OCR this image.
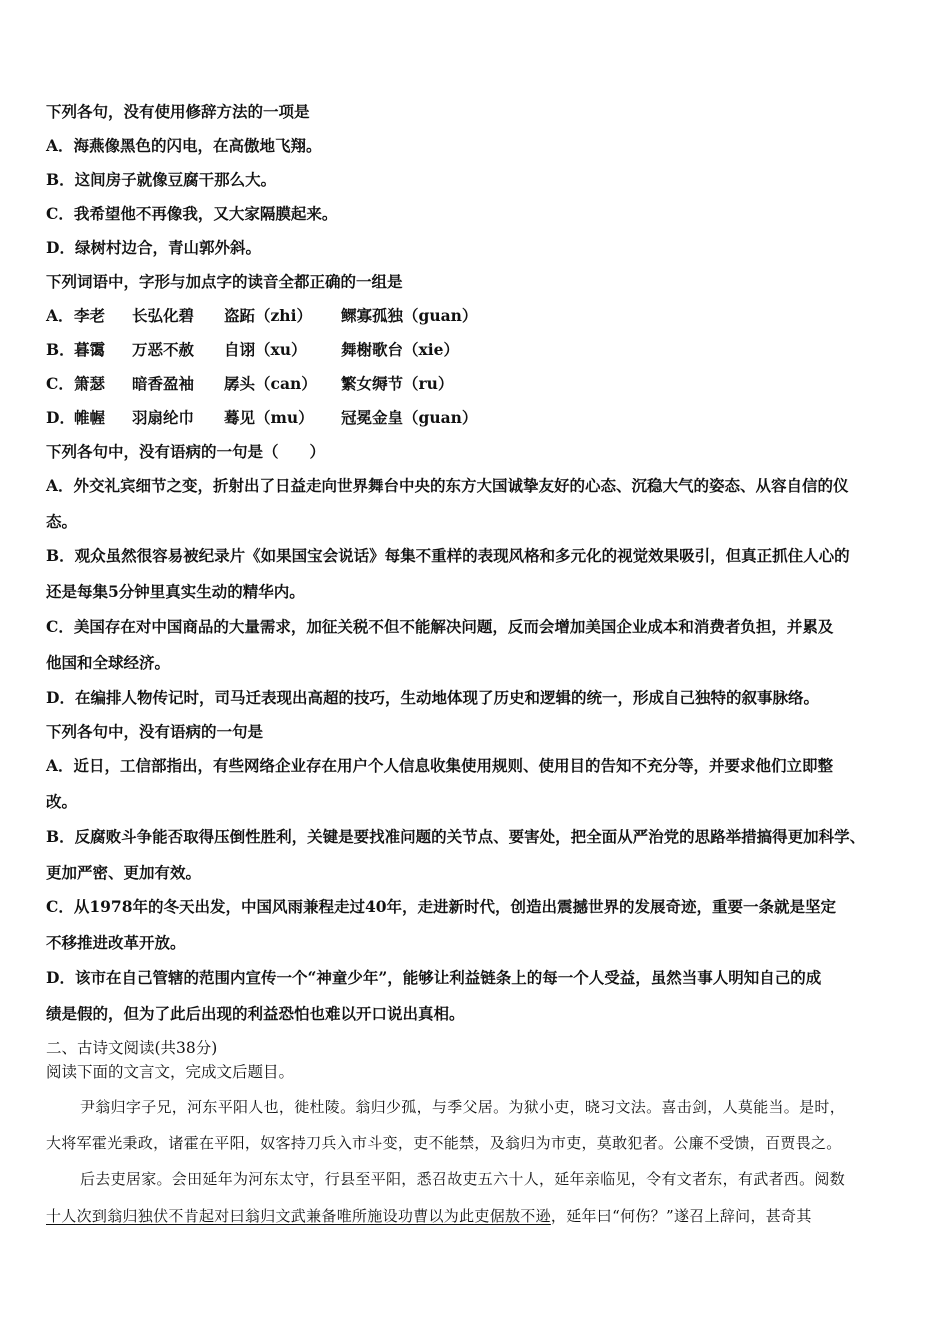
下列各句，没有使用修辞方法的一项是
A．海燕像黑色的闪电，在高傲地飞翔。
B．这间房子就像豆腐干那么大。
C．我希望他不再像我，又大家隔膜起来。
D．绿树村边合，青山郭外斜。
下列词语中，字形与加点字的读音全都正确的一组是
A．李老 长弘化碧 盗跖（zhi） 鳏寡孤独（guan）
B．暮霭 万恶不赦 自诩（xu） 舞榭歌台（xie）
C．箫瑟 暗香盈袖 孱头（can） 繁女缛节（ru）
D．帷幄 羽扇纶巾 蓦见（mu） 冠冕金皇（guan）
下列各句中，没有语病的一句是（　　）
A．外交礼宾细节之变，折射出了日益走向世界舞台中央的东方大国诚挚友好的心态、沉稳大气的姿态、从容自信的仪
态。
B．观众虽然很容易被纪录片《如果国宝会说话》每集不重样的表现风格和多元化的视觉效果吸引，但真正抓住人心的
还是每集5分钟里真实生动的精华内。
C．美国存在对中国商品的大量需求，加征关税不但不能解决问题，反而会增加美国企业成本和消费者负担，并累及
他国和全球经济。
D．在编排人物传记时，司马迁表现出高超的技巧，生动地体现了历史和逻辑的统一，形成自己独特的叙事脉络。
下列各句中，没有语病的一句是
A．近日，工信部指出，有些网络企业存在用户个人信息收集使用规则、使用目的告知不充分等，并要求他们立即整
改。
B．反腐败斗争能否取得压倒性胜利，关键是要找准问题的关节点、要害处，把全面从严治党的思路举措搞得更加科学、
更加严密、更加有效。
C．从1978年的冬天出发，中国风雨兼程走过40年，走进新时代，创造出震撼世界的发展奇迹，重要一条就是坚定
不移推进改革开放。
D．该市在自己管辖的范围内宣传一个“神童少年”，能够让利益链条上的每一个人受益，虽然当事人明知自己的成
绩是假的，但为了此后出现的利益恐怕也难以开口说出真相。
二、古诗文阅读(共38分)
阅读下面的文言文，完成文后题目。
尹翁归字子兄，河东平阳人也，徙杜陵。翁归少孤，与季父居。为狱小吏，晓习文法。喜击剑，人莫能当。是时，
大将军霍光秉政，诸霍在平阳，奴客持刀兵入市斗变，吏不能禁，及翁归为市吏，莫敢犯者。公廉不受馈，百贾畏之。
后去吏居家。会田延年为河东太守，行县至平阳，悉召故吏五六十人，延年亲临见，令有文者东，有武者西。阅数
十人次到翁归独伏不肯起对曰翁归文武兼备唯所施设功曹以为此吏倨敖不逊，延年曰“何伤？”遂召上辞问，甚奇其
